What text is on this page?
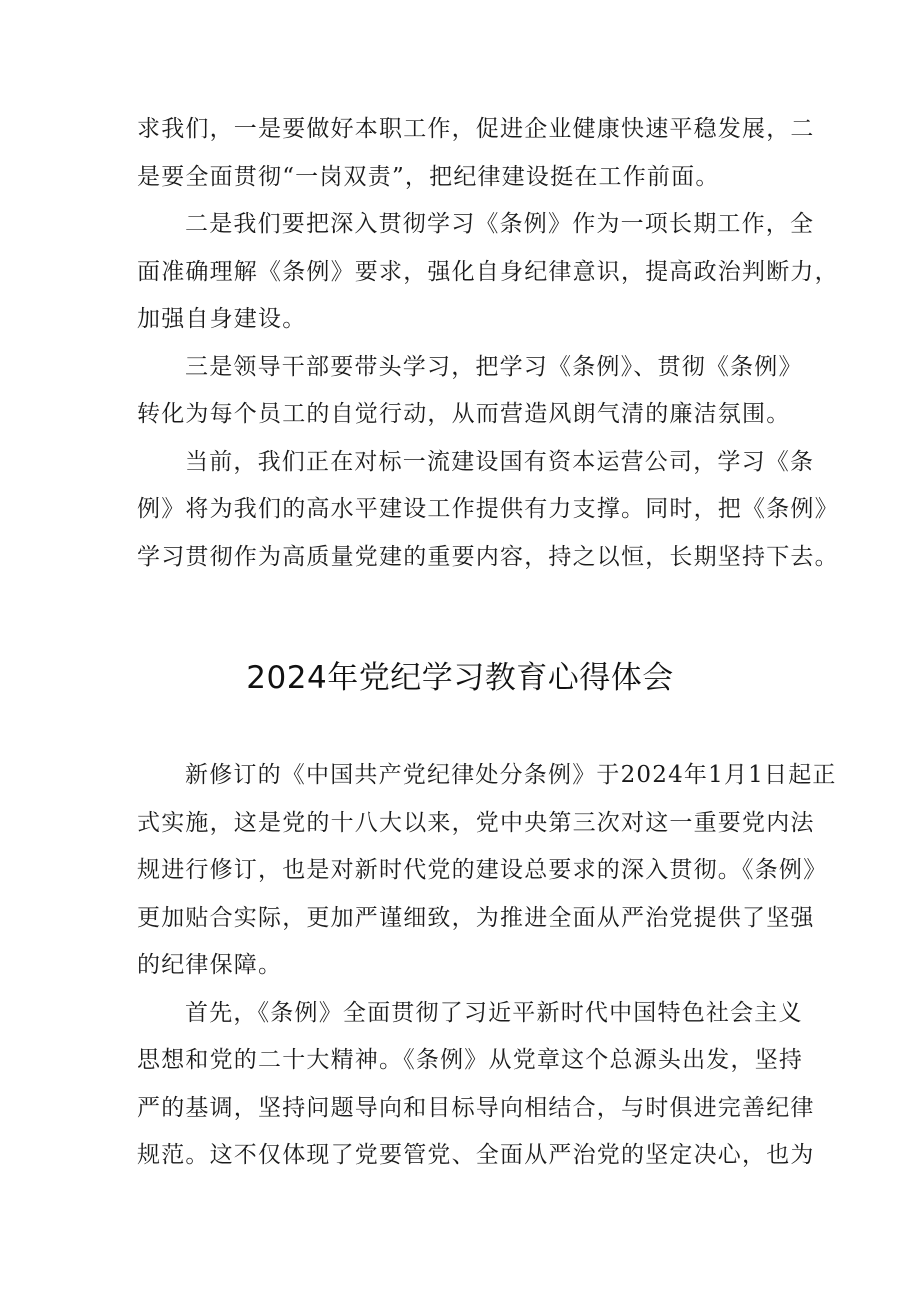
求我们，一是要做好本职工作，促进企业健康快速平稳发展，二
是要全面贯彻“一岗双责”，把纪律建设挺在工作前面。

二是我们要把深入贯彻学习《条例》作为一项长期工作，全
面准确理解《条例》要求，强化自身纪律意识，提高政治判断力，
加强自身建设。

三是领导干部要带头学习，把学习《条例》、贯彻《条例》
转化为每个员工的自觉行动，从而营造风朗气清的廉洁氛围。

当前，我们正在对标一流建设国有资本运营公司，学习《条
例》将为我们的高水平建设工作提供有力支撑。同时，把《条例》
学习贯彻作为高质量党建的重要内容，持之以恒，长期坚持下去。

2024年党纪学习教育心得体会

新修订的《中国共产党纪律处分条例》于2024年1月1日起正
式实施，这是党的十八大以来，党中央第三次对这一重要党内法
规进行修订，也是对新时代党的建设总要求的深入贯彻。《条例》
更加贴合实际，更加严谨细致，为推进全面从严治党提供了坚强
的纪律保障。

首先，《条例》全面贯彻了习近平新时代中国特色社会主义
思想和党的二十大精神。《条例》从党章这个总源头出发，坚持
严的基调，坚持问题导向和目标导向相结合，与时俱进完善纪律
规范。这不仅体现了党要管党、全面从严治党的坚定决心，也为
